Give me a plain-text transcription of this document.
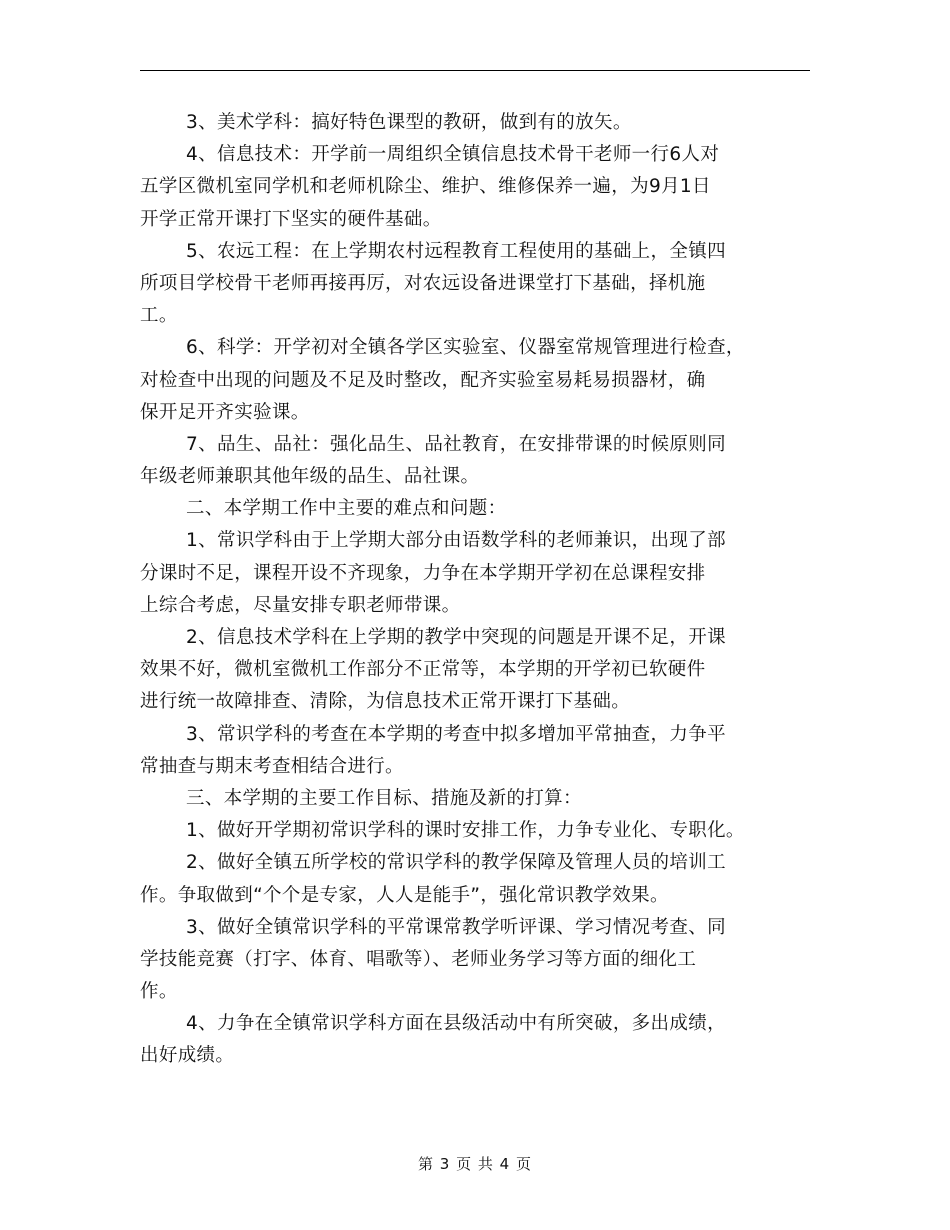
3、美术学科：搞好特色课型的教研，做到有的放矢。
4、信息技术：开学前一周组织全镇信息技术骨干老师一行6人对
五学区微机室同学机和老师机除尘、维护、维修保养一遍，为9月1日
开学正常开课打下坚实的硬件基础。
5、农远工程：在上学期农村远程教育工程使用的基础上，全镇四
所项目学校骨干老师再接再厉，对农远设备进课堂打下基础，择机施
工。
6、科学：开学初对全镇各学区实验室、仪器室常规管理进行检查，
对检查中出现的问题及不足及时整改，配齐实验室易耗易损器材，确
保开足开齐实验课。
7、品生、品社：强化品生、品社教育，在安排带课的时候原则同
年级老师兼职其他年级的品生、品社课。
二、本学期工作中主要的难点和问题：
1、常识学科由于上学期大部分由语数学科的老师兼识，出现了部
分课时不足，课程开设不齐现象，力争在本学期开学初在总课程安排
上综合考虑，尽量安排专职老师带课。
2、信息技术学科在上学期的教学中突现的问题是开课不足，开课
效果不好，微机室微机工作部分不正常等，本学期的开学初已软硬件
进行统一故障排查、清除，为信息技术正常开课打下基础。
3、常识学科的考查在本学期的考查中拟多增加平常抽查，力争平
常抽查与期末考查相结合进行。
三、本学期的主要工作目标、措施及新的打算：
1、做好开学期初常识学科的课时安排工作，力争专业化、专职化。
2、做好全镇五所学校的常识学科的教学保障及管理人员的培训工
作。争取做到“个个是专家，人人是能手”，强化常识教学效果。
3、做好全镇常识学科的平常课常教学听评课、学习情况考查、同
学技能竞赛（打字、体育、唱歌等）、老师业务学习等方面的细化工
作。
4、力争在全镇常识学科方面在县级活动中有所突破，多出成绩，
出好成绩。
第 3 页 共 4 页
